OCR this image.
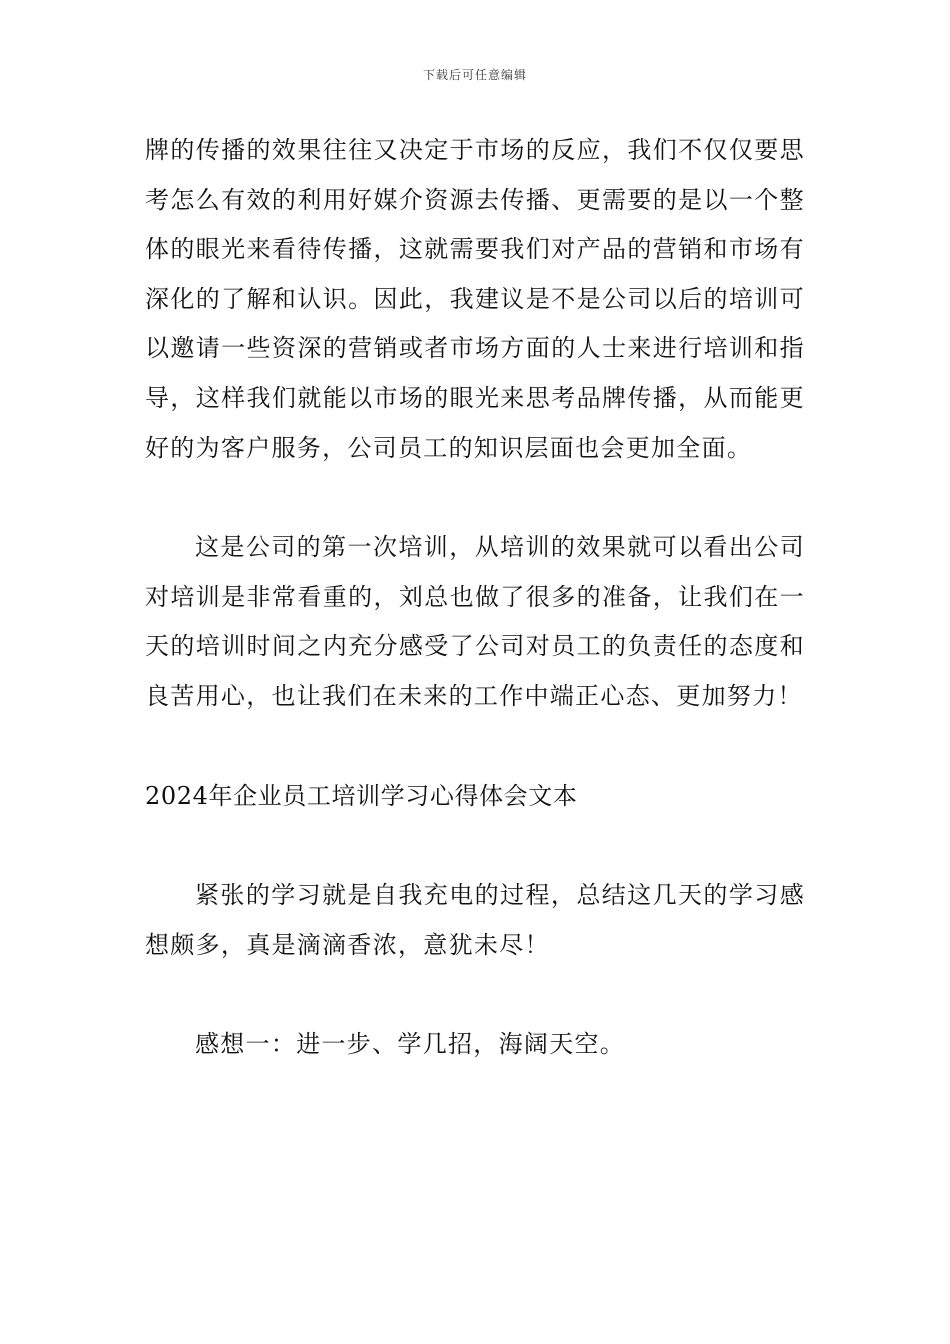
下载后可任意编辑

牌的传播的效果往往又决定于市场的反应，我们不仅仅要思考怎么有效的利用好媒介资源去传播、更需要的是以一个整体的眼光来看待传播，这就需要我们对产品的营销和市场有深化的了解和认识。因此，我建议是不是公司以后的培训可以邀请一些资深的营销或者市场方面的人士来进行培训和指导，这样我们就能以市场的眼光来思考品牌传播，从而能更好的为客户服务，公司员工的知识层面也会更加全面。

这是公司的第一次培训，从培训的效果就可以看出公司对培训是非常看重的，刘总也做了很多的准备，让我们在一天的培训时间之内充分感受了公司对员工的负责任的态度和良苦用心，也让我们在未来的工作中端正心态、更加努力！

2024年企业员工培训学习心得体会文本

紧张的学习就是自我充电的过程，总结这几天的学习感想颇多，真是滴滴香浓，意犹未尽！

感想一：进一步、学几招，海阔天空。
